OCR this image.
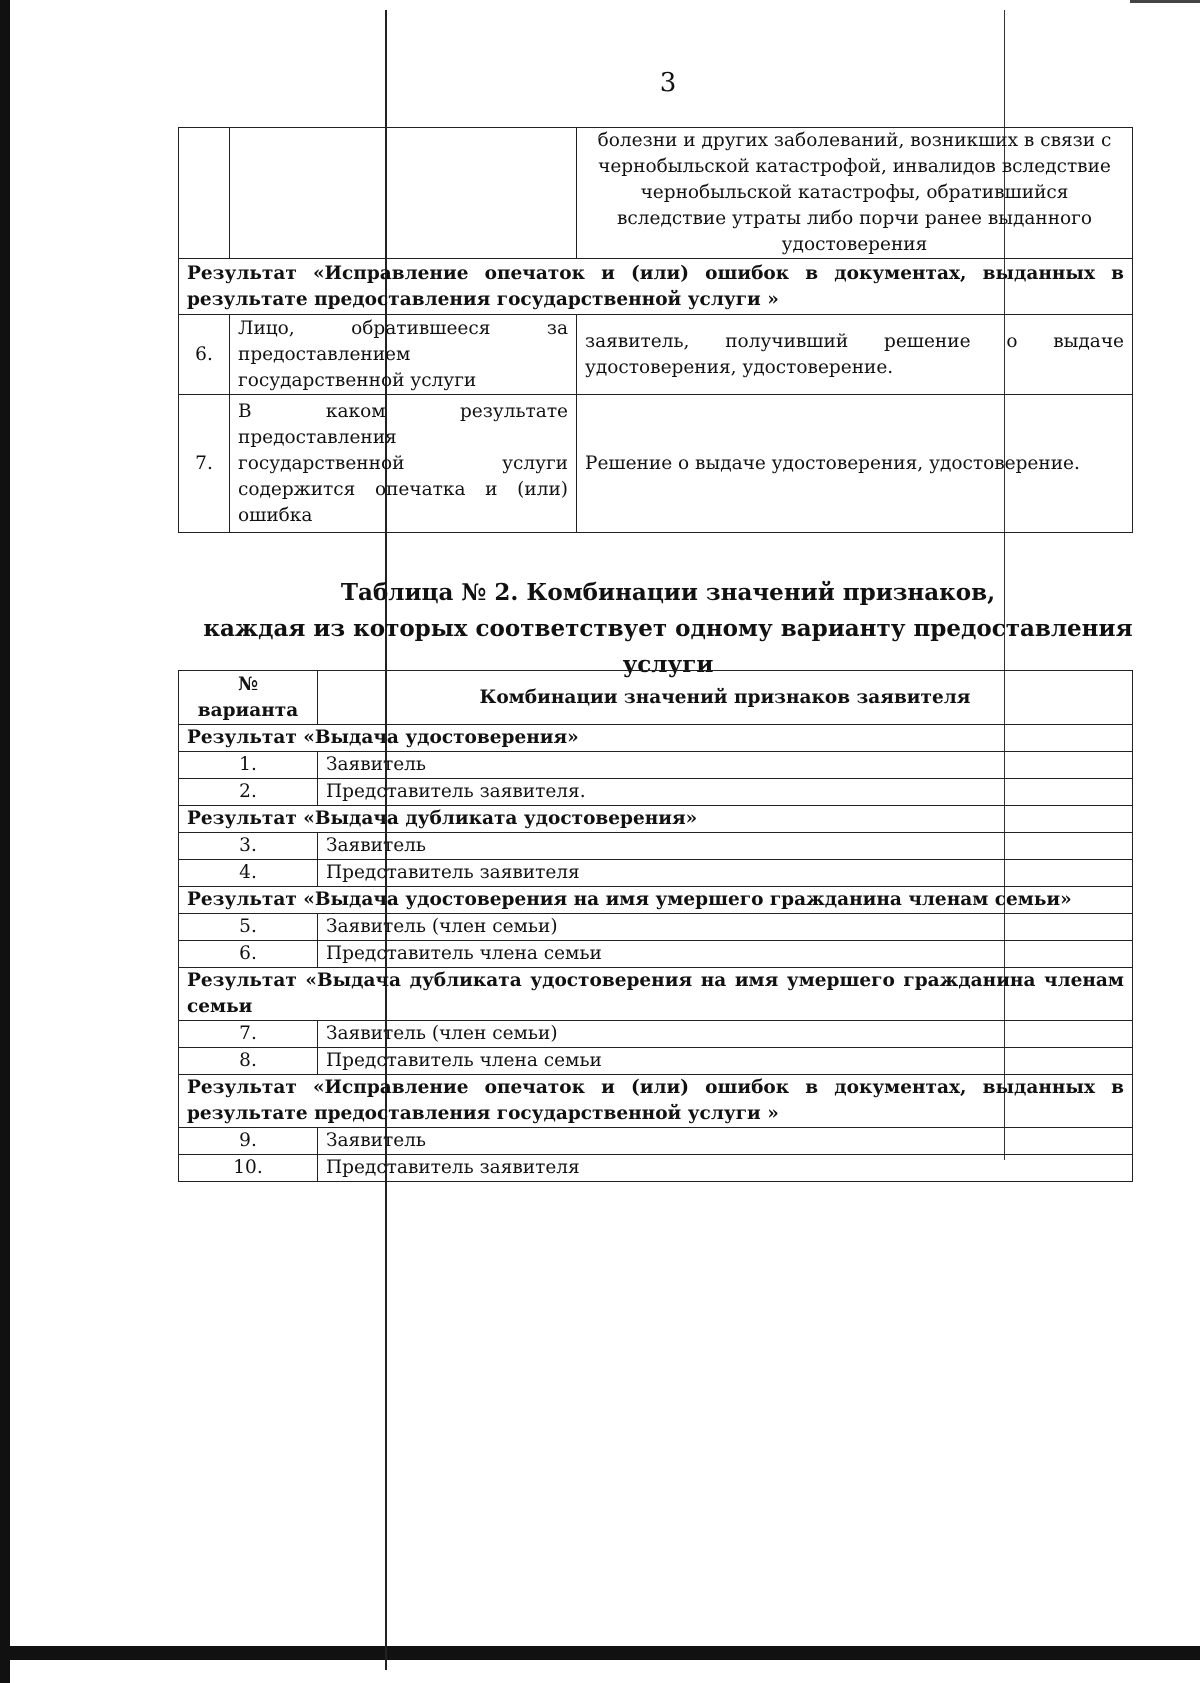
3
		болезни и других заболеваний, возникших в связи с чернобыльской катастрофой, инвалидов вследствие чернобыльской катастрофы, обратившийся вследствие утраты либо порчи ранее выданного удостоверения

Результат «Исправление опечаток и (или) ошибок в документах, выданных в
результате предоставления государственной услуги »		
6.	Лицо, обратившееся за предоставлением государственной услуги	заявитель, получивший решение о выдаче удостоверения, удостоверение.
7.	В каком результате предоставления государственной услуги содержится опечатка и (или) ошибка	Решение о выдаче удостоверения, удостоверение.
Таблица № 2. Комбинации значений признаков,
каждая из которых соответствует одному варианту предоставления услуги
№
варианта	Комбинации значений признаков заявителя
Результат «Выдача удостоверения»	
1.	Заявитель
2.	Представитель заявителя.
Результат «Выдача дубликата удостоверения»	
3.	Заявитель
4.	Представитель заявителя
Результат «Выдача удостоверения на имя умершего гражданина членам семьи»	
5.	Заявитель (член семьи)
6.	Представитель члена семьи

Результат «Выдача дубликата удостоверения на имя умершего гражданина членам
семьи	
7.	Заявитель (член семьи)
8.	Представитель члена семьи

Результат «Исправление опечаток и (или) ошибок в документах, выданных в
результате предоставления государственной услуги »	
9.	Заявитель
10.	Представитель заявителя
